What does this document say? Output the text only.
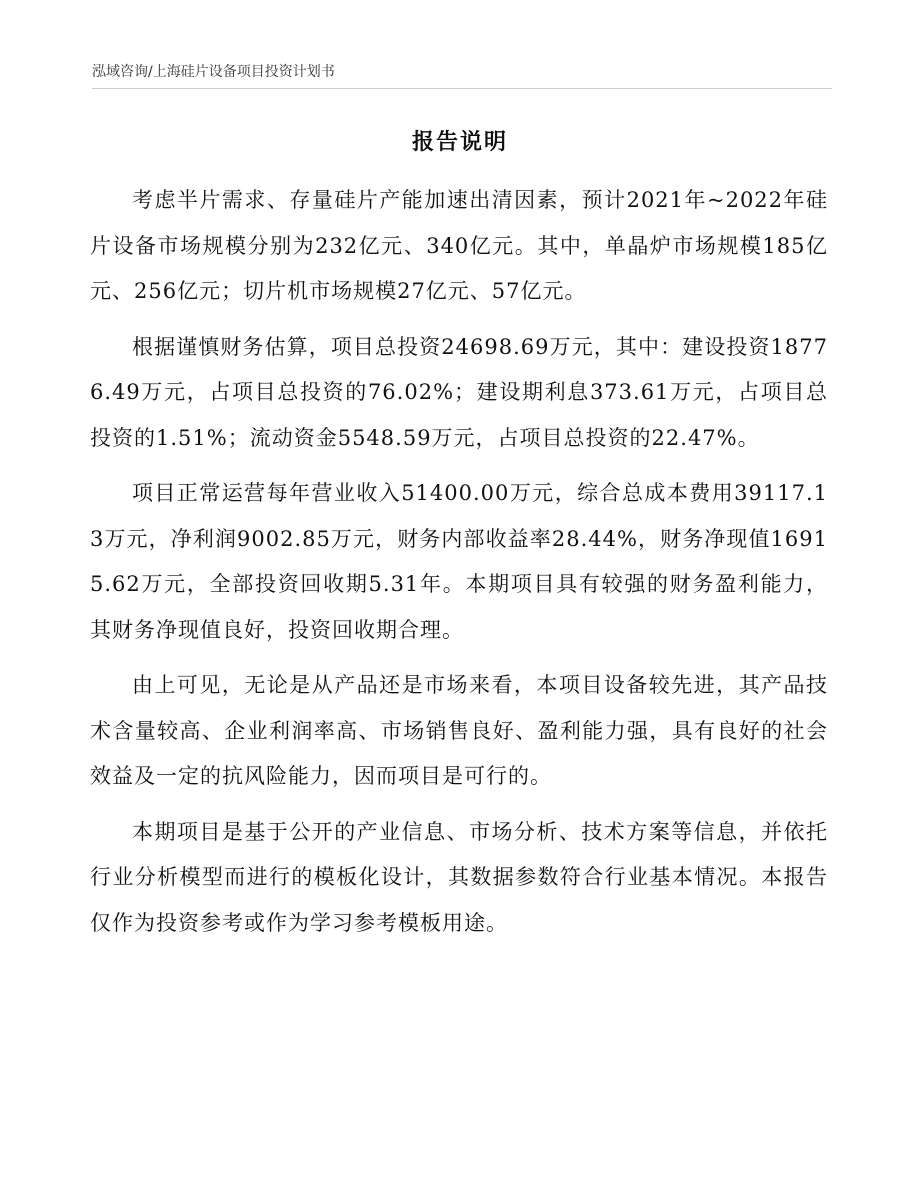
泓域咨询/上海硅片设备项目投资计划书
报告说明

考虑半片需求、存量硅片产能加速出清因素，预计2021年~2022年硅片设备市场规模分别为232亿元、340亿元。其中，单晶炉市场规模185亿元、256亿元；切片机市场规模27亿元、57亿元。

根据谨慎财务估算，项目总投资24698.69万元，其中：建设投资18776.49万元，占项目总投资的76.02%；建设期利息373.61万元，占项目总投资的1.51%；流动资金5548.59万元，占项目总投资的22.47%。

项目正常运营每年营业收入51400.00万元，综合总成本费用39117.13万元，净利润9002.85万元，财务内部收益率28.44%，财务净现值16915.62万元，全部投资回收期5.31年。本期项目具有较强的财务盈利能力，其财务净现值良好，投资回收期合理。

由上可见，无论是从产品还是市场来看，本项目设备较先进，其产品技术含量较高、企业利润率高、市场销售良好、盈利能力强，具有良好的社会效益及一定的抗风险能力，因而项目是可行的。

本期项目是基于公开的产业信息、市场分析、技术方案等信息，并依托行业分析模型而进行的模板化设计，其数据参数符合行业基本情况。本报告仅作为投资参考或作为学习参考模板用途。
